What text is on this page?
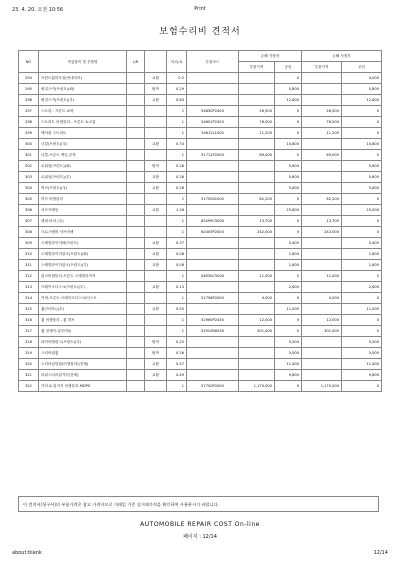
23. 4. 20. 오전 10:56	Print
보험수리비 견적서
NO	작업항목 및 부품명	L/R		지.Q.%	부품코드	손해 사정전		손해 사정후	
						부품가격	공임	부품가격	공임
294	프런트휠하우징(안내서아)		교환	0.2			0		4,000
295	쿼얼스커(프런트)(좌)		탈착	0.29			5,800		5,800
296	쿼얼스커(프런트)(우)		교환	0.63			12,600		12,600
297	스트링 - 프론트 쇼바			1	54630P2400	26,500	0	26,500	0
298	스트러트 어셈블리 - 프론트 쇼크업			1	54651P2300	76,000	0	76,000	0
299	에어링 스트러트			1	54612L1000	11,200	0	11,200	0
300	너클(프런트)(우)		교환	0.74			14,800		14,800
301	너클-프론트 액슬,우측			1	51711P2000	69,000	0	69,000	0
302	로워암(프런트)(좌)		탈착	0.28			5,600		5,600
303	로워암(프런트)(우)		교환	0.28			5,600		5,600
304	허브(프런트)(우)		교환	0.28			5,600		5,600
305	허브 어셈블리			1	51750S1000	62,200	0	62,200	0
306	서브프레임		교환	1.26			25,600		25,000
307	캠퍼-아마 (우)			1	62499C5000	13,700	0	13,700	0
308	크로스멤버 서브아센			1	62405P2000	242,000	0	242,000	0
309	스태빌라이저바(프런트)		교환	0.37			5,400		5,400
310	스태빌라이저링크(프런트)(좌)		교환	0.08			1,600		1,600
311	스태빌라이저링크(프런트)(우)		교환	0.08			1,600		1,600
312	링크어셈블리-프론트 스태빌라이저			1	54830C5000	11,000	0	11,000	0
313	브레이크디스크(프런트)(우)		교환	0.13			2,600		2,600
314	커버-프론트 브레이크디스크/더스트			1	51756P2000	4,000	0	4,000	0
315	휠(프런트)(우)		교환	0.55			11,000		11,000
316	휠 어셈블리 - 휠 허브			1	52960P2430	12,000	0	12,000	0
317	휠 앗세이-알루미늄			1	52910R6450	301,000	0	301,000	0
318	타이어밸런스(프런트)(우)		탈착	0.25			5,000		5,000
319	스티어링휠		탈착	0.26			5,000		5,000
320	스티어링칼럼(어셈블리)(전체)		교환	0.57			11,400		11,400
321	파워스티어링기어(전체)		교환	0.49			9,800		9,800
322	기어 & 링키지 어셈블리-MDPS			1	57700P2000	1,170,000	0	1,170,000	0
이 견적서(청구서)의 부품가격은 참고 가격이므로 거래일 기준 실거래가격을 확인하여 사용하시기 바랍니다.
AUTOMOBILE REPAIR COST On-line
페이지 : 12/14
about:blank	12/14
